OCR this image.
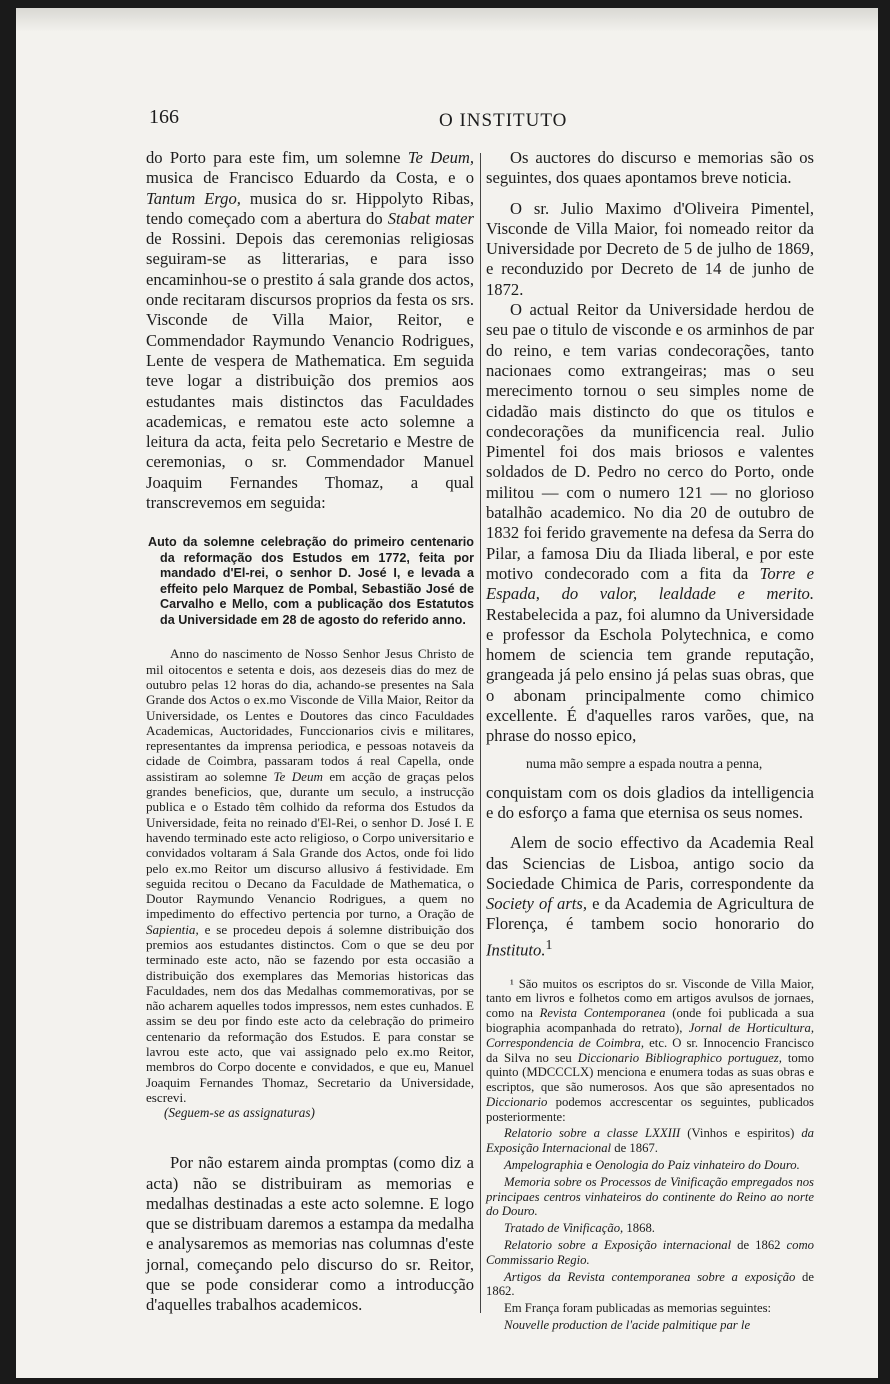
166	O INSTITUTO

do Porto para este fim, um solemne Te Deum, musica de Francisco Eduardo da Costa, e o Tantum Ergo, musica do sr. Hippolyto Ribas, tendo começado com a abertura do Stabat mater de Rossini. Depois das ceremonias religiosas seguiram-se as litterarias, e para isso encaminhou-se o prestito á sala grande dos actos, onde recitaram discursos proprios da festa os srs. Visconde de Villa Maior, Reitor, e Commendador Raymundo Venancio Rodrigues, Lente de vespera de Mathematica. Em seguida teve logar a distribuição dos premios aos estudantes mais distinctos das Faculdades academicas, e rematou este acto solemne a leitura da acta, feita pelo Secretario e Mestre de ceremonias, o sr. Commendador Manuel Joaquim Fernandes Thomaz, a qual transcrevemos em seguida:

Auto da solemne celebração do primeiro centenario da reformação dos Estudos em 1772, feita por mandado d'El-rei, o senhor D. José I, e levada a effeito pelo Marquez de Pombal, Sebastião José de Carvalho e Mello, com a publicação dos Estatutos da Universidade em 28 de agosto do referido anno.

Anno do nascimento de Nosso Senhor Jesus Christo de mil oitocentos e setenta e dois, aos dezeseis dias do mez de outubro pelas 12 horas do dia, achando-se presentes na Sala Grande dos Actos o ex.mo Visconde de Villa Maior, Reitor da Universidade, os Lentes e Doutores das cinco Faculdades Academicas, Auctoridades, Funccionarios civis e militares, representantes da imprensa periodica, e pessoas notaveis da cidade de Coimbra, passaram todos á real Capella, onde assistiram ao solemne Te Deum em acção de graças pelos grandes beneficios, que, durante um seculo, a instrucção publica e o Estado têm colhido da reforma dos Estudos da Universidade, feita no reinado d'El-Rei, o senhor D. José I. E havendo terminado este acto religioso, o Corpo universitario e convidados voltaram á Sala Grande dos Actos, onde foi lido pelo ex.mo Reitor um discurso allusivo á festividade. Em seguida recitou o Decano da Faculdade de Mathematica, o Doutor Raymundo Venancio Rodrigues, a quem no impedimento do effectivo pertencia por turno, a Oração de Sapientia, e se procedeu depois á solemne distribuição dos premios aos estudantes distinctos. Com o que se deu por terminado este acto, não se fazendo por esta occasião a distribuição dos exemplares das Memorias historicas das Faculdades, nem dos das Medalhas commemorativas, por se não acharem aquelles todos impressos, nem estes cunhados. E assim se deu por findo este acto da celebração do primeiro centenario da reformação dos Estudos. E para constar se lavrou este acto, que vai assignado pelo ex.mo Reitor, membros do Corpo docente e convidados, e que eu, Manuel Joaquim Fernandes Thomaz, Secretario da Universidade, escrevi.

(Seguem-se as assignaturas)

Por não estarem ainda promptas (como diz a acta) não se distribuiram as memorias e medalhas destinadas a este acto solemne. E logo que se distribuam daremos a estampa da medalha e analysaremos as memorias nas columnas d'este jornal, começando pelo discurso do sr. Reitor, que se pode considerar como a introducção d'aquelles trabalhos academicos.

Os auctores do discurso e memorias são os seguintes, dos quaes apontamos breve noticia.

O sr. Julio Maximo d'Oliveira Pimentel, Visconde de Villa Maior, foi nomeado reitor da Universidade por Decreto de 5 de julho de 1869, e reconduzido por Decreto de 14 de junho de 1872.

O actual Reitor da Universidade herdou de seu pae o titulo de visconde e os arminhos de par do reino, e tem varias condecorações, tanto nacionaes como extrangeiras; mas o seu merecimento tornou o seu simples nome de cidadão mais distincto do que os titulos e condecorações da munificencia real. Julio Pimentel foi dos mais briosos e valentes soldados de D. Pedro no cerco do Porto, onde militou — com o numero 121 — no glorioso batalhão academico. No dia 20 de outubro de 1832 foi ferido gravemente na defesa da Serra do Pilar, a famosa Diu da Iliada liberal, e por este motivo condecorado com a fita da Torre e Espada, do valor, lealdade e merito. Restabelecida a paz, foi alumno da Universidade e professor da Eschola Polytechnica, e como homem de sciencia tem grande reputação, grangeada já pelo ensino já pelas suas obras, que o abonam principalmente como chimico excellente. É d'aquelles raros varões, que, na phrase do nosso epico,

numa mão sempre a espada noutra a penna,

conquistam com os dois gladios da intelligencia e do esforço a fama que eternisa os seus nomes.

Alem de socio effectivo da Academia Real das Sciencias de Lisboa, antigo socio da Sociedade Chimica de Paris, correspondente da Society of arts, e da Academia de Agricultura de Florença, é tambem socio honorario do Instituto.$^1$

¹ São muitos os escriptos do sr. Visconde de Villa Maior, tanto em livros e folhetos como em artigos avulsos de jornaes, como na Revista Contemporanea (onde foi publicada a sua biographia acompanhada do retrato), Jornal de Horticultura, Correspondencia de Coimbra, etc. O sr. Innocencio Francisco da Silva no seu Diccionario Bibliographico portuguez, tomo quinto (MDCCCLX) menciona e enumera todas as suas obras e escriptos, que são numerosos. Aos que são apresentados no Diccionario podemos accrescentar os seguintes, publicados posteriormente:

Relatorio sobre a classe LXXIII (Vinhos e espiritos) da Exposição Internacional de 1867.

Ampelographia e Oenologia do Paiz vinhateiro do Douro.

Memoria sobre os Processos de Vinificação empregados nos principaes centros vinhateiros do continente do Reino ao norte do Douro.

Tratado de Vinificação, 1868.

Relatorio sobre a Exposição internacional de 1862 como Commissario Regio.

Artigos da Revista contemporanea sobre a exposição de 1862.

Em França foram publicadas as memorias seguintes:

Nouvelle production de l'acide palmitique par le
